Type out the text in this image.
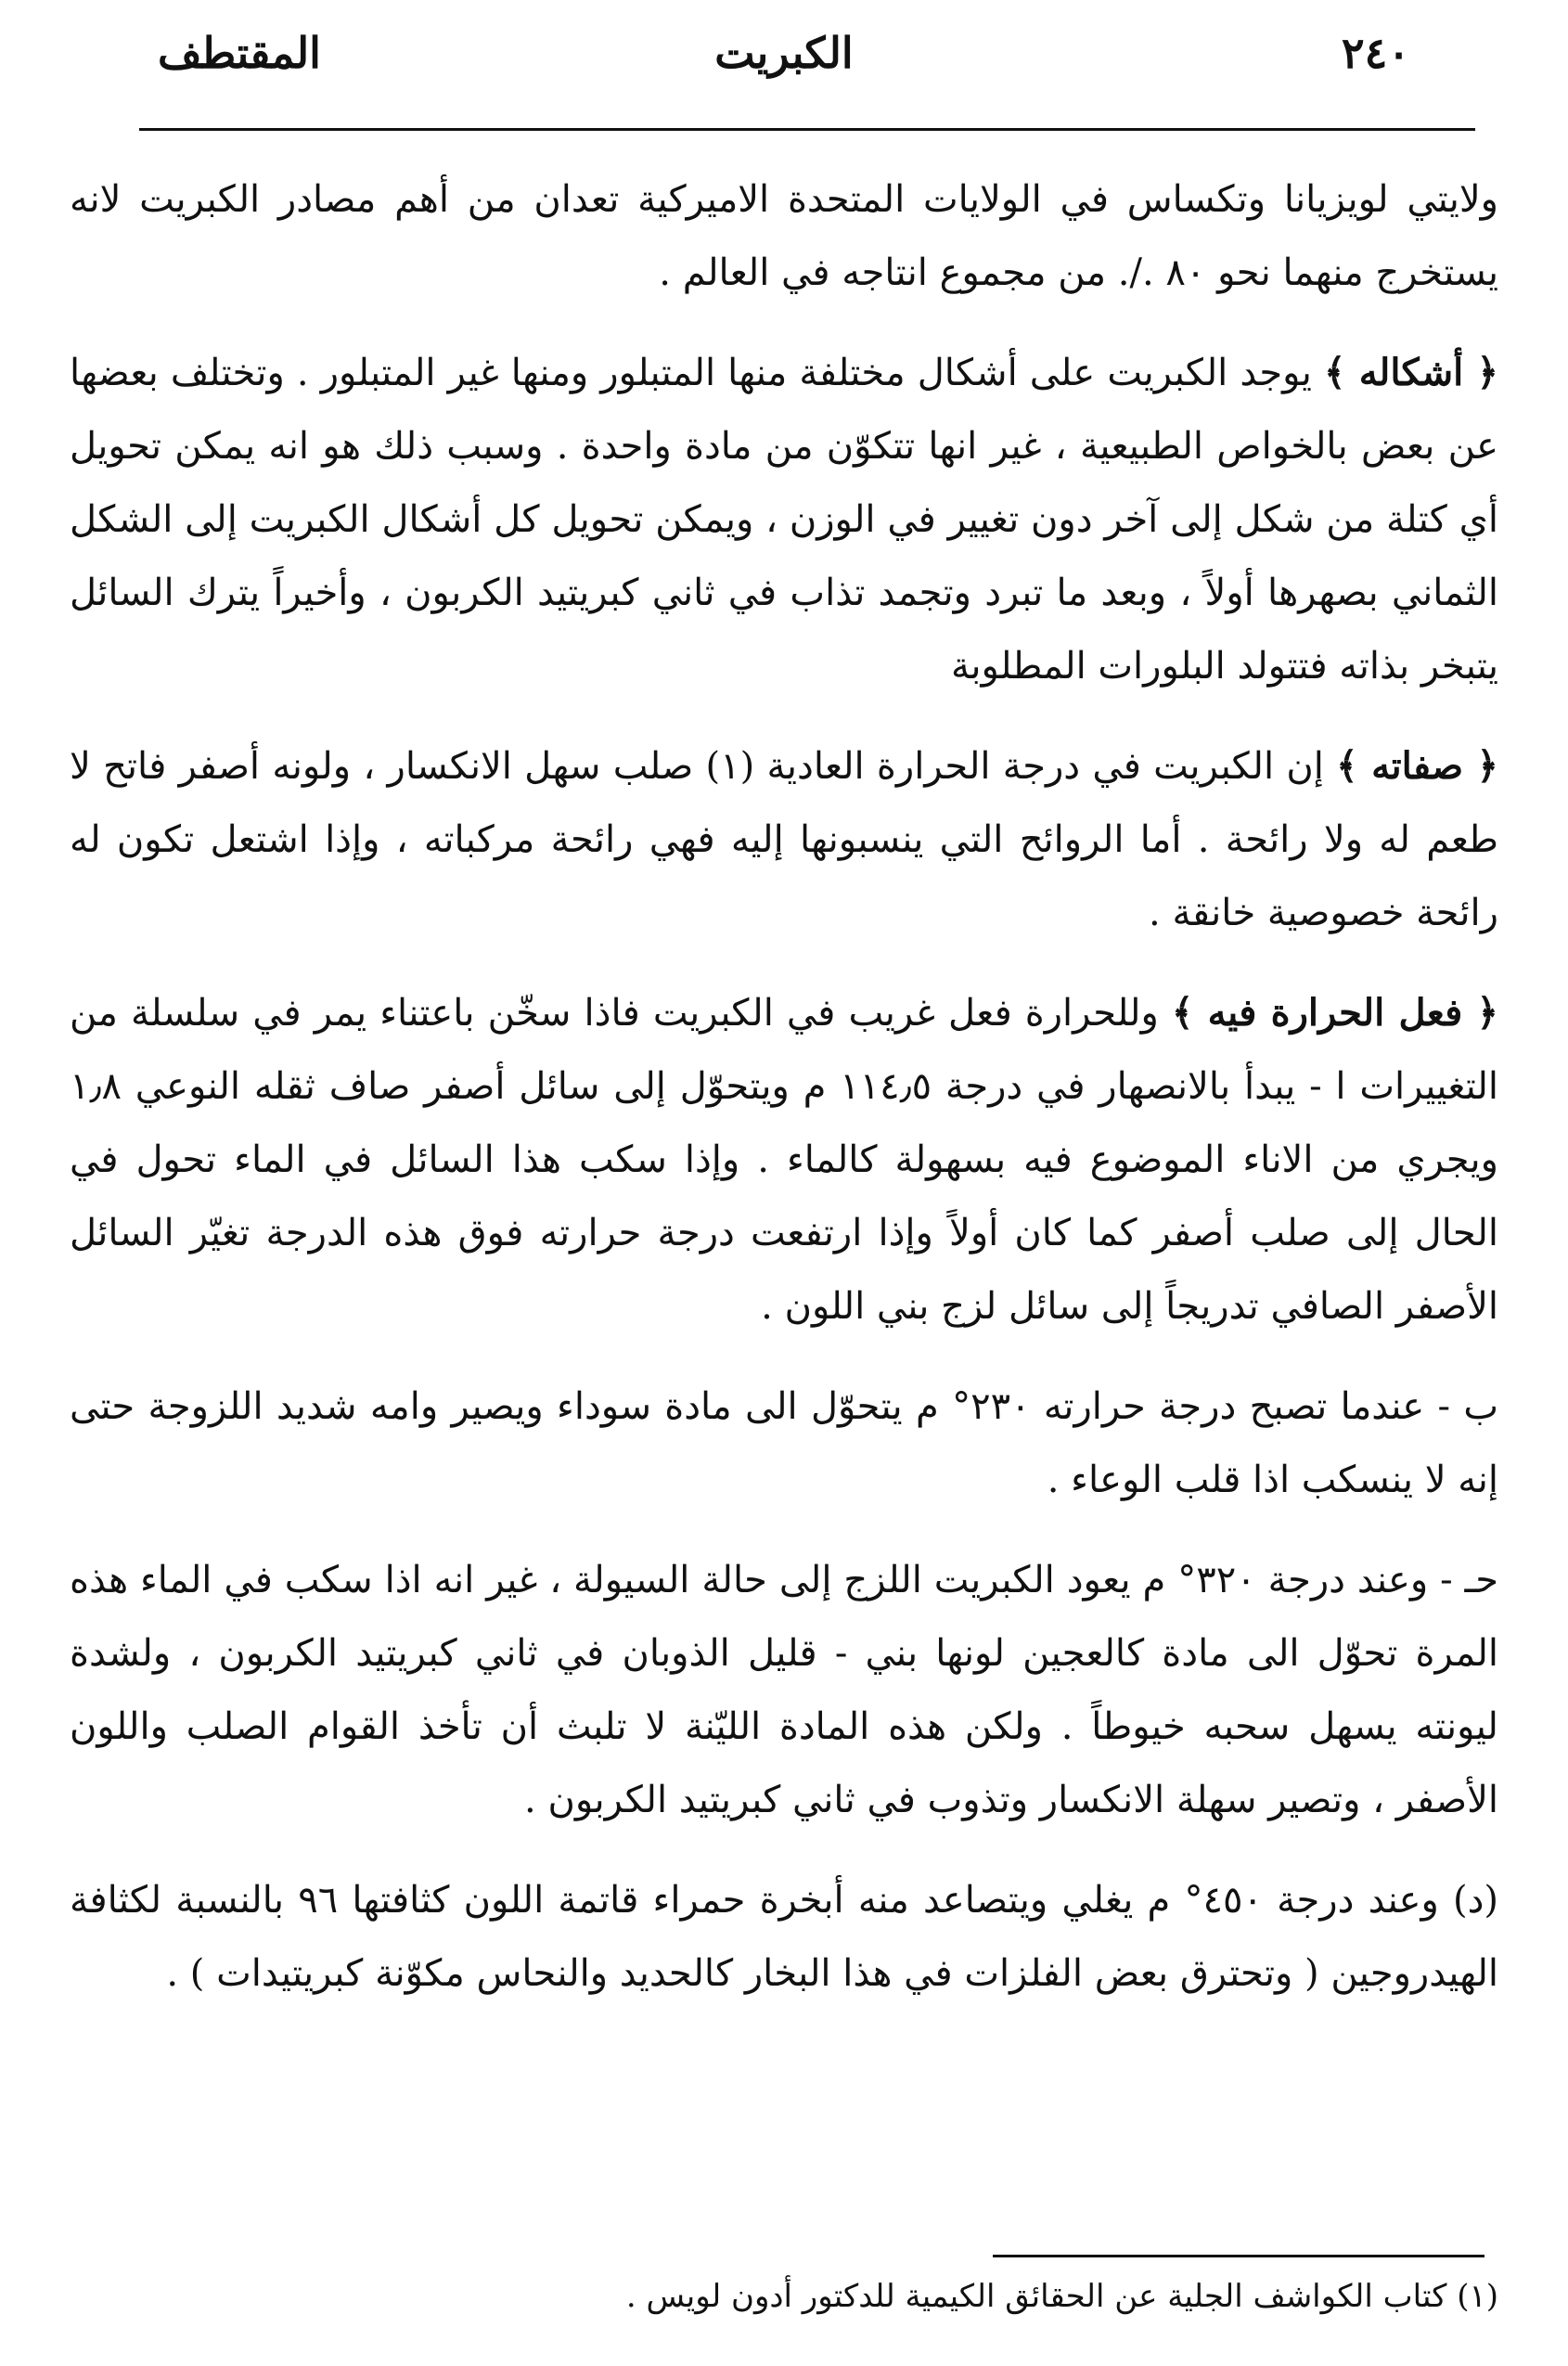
٢٤٠
الكبريت
المقتطف

ولايتي لويزيانا وتكساس في الولايات المتحدة الاميركية تعدان من أهم مصادر الكبريت لانه يستخرج منهما نحو ٨٠ ./. من مجموع انتاجه في العالم .

﴿ أشكاله ﴾ يوجد الكبريت على أشكال مختلفة منها المتبلور ومنها غير المتبلور . وتختلف بعضها عن بعض بالخواص الطبيعية ، غير انها تتكوّن من مادة واحدة . وسبب ذلك هو انه يمكن تحويل أي كتلة من شكل إلى آخر دون تغيير في الوزن ، ويمكن تحويل كل أشكال الكبريت إلى الشكل الثماني بصهرها أولاً ، وبعد ما تبرد وتجمد تذاب في ثاني كبريتيد الكربون ، وأخيراً يترك السائل يتبخر بذاته فتتولد البلورات المطلوبة

﴿ صفاته ﴾ إن الكبريت في درجة الحرارة العادية (١) صلب سهل الانكسار ، ولونه أصفر فاتح لا طعم له ولا رائحة . أما الروائح التي ينسبونها إليه فهي رائحة مركباته ، وإذا اشتعل تكون له رائحة خصوصية خانقة .

﴿ فعل الحرارة فيه ﴾ وللحرارة فعل غريب في الكبريت فاذا سخّن باعتناء يمر في سلسلة من التغييرات ا - يبدأ بالانصهار في درجة ١١٤٫٥ م ويتحوّل إلى سائل أصفر صاف ثقله النوعي ١٫٨ ويجري من الاناء الموضوع فيه بسهولة كالماء . وإذا سكب هذا السائل في الماء تحول في الحال إلى صلب أصفر كما كان أولاً وإذا ارتفعت درجة حرارته فوق هذه الدرجة تغيّر السائل الأصفر الصافي تدريجاً إلى سائل لزج بني اللون .

ب - عندما تصبح درجة حرارته ٢٣٠° م يتحوّل الى مادة سوداء ويصير وامه شديد اللزوجة حتى إنه لا ينسكب اذا قلب الوعاء .

حـ - وعند درجة ٣٢٠° م يعود الكبريت اللزج إلى حالة السيولة ، غير انه اذا سكب في الماء هذه المرة تحوّل الى مادة كالعجين لونها بني - قليل الذوبان في ثاني كبريتيد الكربون ، ولشدة ليونته يسهل سحبه خيوطاً . ولكن هذه المادة الليّنة لا تلبث أن تأخذ القوام الصلب واللون الأصفر ، وتصير سهلة الانكسار وتذوب في ثاني كبريتيد الكربون .

(د) وعند درجة ٤٥٠° م يغلي ويتصاعد منه أبخرة حمراء قاتمة اللون كثافتها ٩٦ بالنسبة لكثافة الهيدروجين ( وتحترق بعض الفلزات في هذا البخار كالحديد والنحاس مكوّنة كبريتيدات ) .

(١) كتاب الكواشف الجلية عن الحقائق الكيمية للدكتور أدون لويس .
